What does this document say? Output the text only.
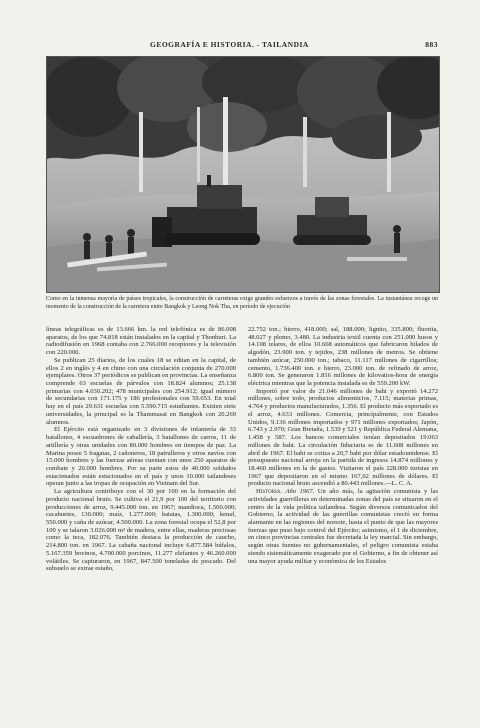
GEOGRAFÍA E HISTORIA. - TAILANDIA	883
Como en la inmensa mayoría de países tropicales, la construcción de carreteras exige grandes esfuerzos a través de las zonas forestales. La instantánea recoge un momento de la construcción de la carretera entre Bangkok y Leong Nok Tha, en período de ejecución

líneas telegráficas es de 13.666 km. la red telefónica es de 86.008 aparatos, de los que 74.818 están instalados en la capital y Thonburi. La radiodifusión en 1968 contaba con 2.766.000 receptores y la televisión con 220.000.

Se publican 25 diarios, de los cuales 18 se editan en la capital, de ellos 2 en inglés y 4 en chino con una circulación conjunta de 270.000 ejemplares. Otros 37 periódicos se publican en provincias. La enseñanza comprende 63 escuelas de párvulos con 18.824 alumnos; 25.138 primarias con 4.030.202; 478 municipales con 254.912; igual número de secundarias con 171.175 y 186 profesionales con 59.653. En total hay en el país 29.631 escuelas con 5.590.715 estudiantes. Existen siete universidades, la principal es la Thammasat en Bangkok con 20.269 alumnos.

El Ejército está organizado en 3 divisiones de infantería de 33 batallones, 4 escuadrones de caballería, 3 batallones de carros, 11 de artillería y otras unidades con 80.000 hombres en tiempos de paz. La Marina posee 5 fragatas, 2 cañoneros, 18 patrulleros y otros navíos con 15.000 hombres y las fuerzas aéreas cuentan con unos 250 aparatos de combate y 20.000 hombres. Por su parte estos de 40.000 soldados estacionados están estacionados en el país y unos 10.000 tailandeses operan junto a las tropas de ocupación en Vietnam del Sur.

La agricultura contribuye con el 30 por 100 en la formación del producto nacional bruto. Se cultiva el 21,9 por 100 del territorio con producciones de arroz, 9.445.000 ton. en 1967; mandioca, 1.500.000; cacahuetes, 130.000; maíz, 1.277.000; batatas, 1.300.000; kenaf, 550.000 y caña de azúcar, 4.500.000. La zona forestal ocupa el 52,8 por 100 y se talaron 3.026.000 m³ de madera, entre ellas, maderas preciosas como la teca, 182.076. También destaca la producción de caucho, 214.800 ton. en 1967. La cabaña nacional incluye 6.877.584 búfalos, 5.167.359 bovinos, 4.700.000 porcinos, 11.277 elefantes y 46.260.000 volátiles. Se capturaron, en 1967, 847.500 toneladas de pescado. Del subsuelo se extrae estaño,

22.752 ton.; hierro, 418.000; sal, 188.000; lignito, 335.800; fluorita, 48.027 y plomo, 3.480. La industria textil cuenta con 251.000 husos y 14.108 telares, de ellos 10.668 automáticos que fabricaron hilados de algodón, 23.900 ton. y tejidos, 238 millones de metros. Se obtiene también azúcar, 250.000 ton.; tabaco, 11.117 millones de cigarrillos; cemento, 1.736.400 ton. e hierro, 23.000 ton. de refinado de arroz, 6.800 ton. Se generaron 1.816 millones de kilovatios-hora de energía eléctrica mientras que la potencia instalada es de 559.200 kW.

Importó por valor de 21.046 millones de baht y exportó 14.272 millones, sobre todo, productos alimenticios, 7.115; materias primas, 4.764 y productos manufacturados, 1.356. El producto más exportado es el arroz, 4.633 millones. Comercia, principalmente, con Estados Unidos, 9.136 millones importados y 971 millones exportados; Japón, 6.743 y 2.970; Gran Bretaña, 1.539 y 521 y República Federal Alemana, 1.458 y 587. Los bancos comerciales tenían depositados 19.063 millones de baht. La circulación fiduciaria es de 11.608 millones en abril de 1967. El baht se cotiza a 20,7 baht por dólar estadounidense. El presupuesto nacional arroja en la partida de ingresos 14.874 millones y 18.460 millones en la de gastos. Visitaron el país 228.000 turistas en 1967 que depositaron en el mismo 167,02 millones de dólares. El producto nacional bruto ascendió a 80.443 millones.—L. C. A.

Historia. Año 1967. Un año más, la agitación comunista y las actividades guerrilleras en determinadas zonas del país se situaron en el centro de la vida política tailandesa. Según diversos comunicados del Gobierno, la actividad de las guerrillas comunistas creció en forma alarmante en las regiones del noreste, hasta el punto de que las mayores fuerzas que puso bajo control del Ejército; asimismo, el 1 de diciembre, en cinco provincias centrales fue decretada la ley marcial. Sin embargo, según otras fuentes no gubernamentales, el peligro comunista estaba siendo sistemáticamente exagerado por el Gobierno, a fin de obtener así una mayor ayuda militar y económica de los Estados
